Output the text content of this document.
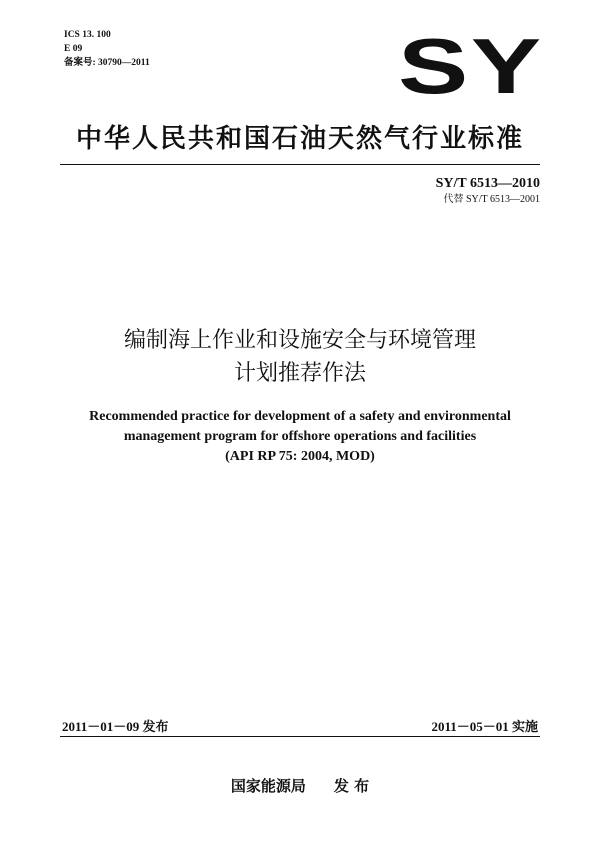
ICS 13. 100
E 09
备案号: 30790—2011	SY
中华人民共和国石油天然气行业标准
SY/T 6513—2010
代替 SY/T 6513—2001
编制海上作业和设施安全与环境管理
计划推荐作法
Recommended practice for development of a safety and environmental
management program for offshore operations and facilities
(API RP 75: 2004, MOD)
2011－01－09 发布	2011－05－01 实施
国家能源局 发 布
